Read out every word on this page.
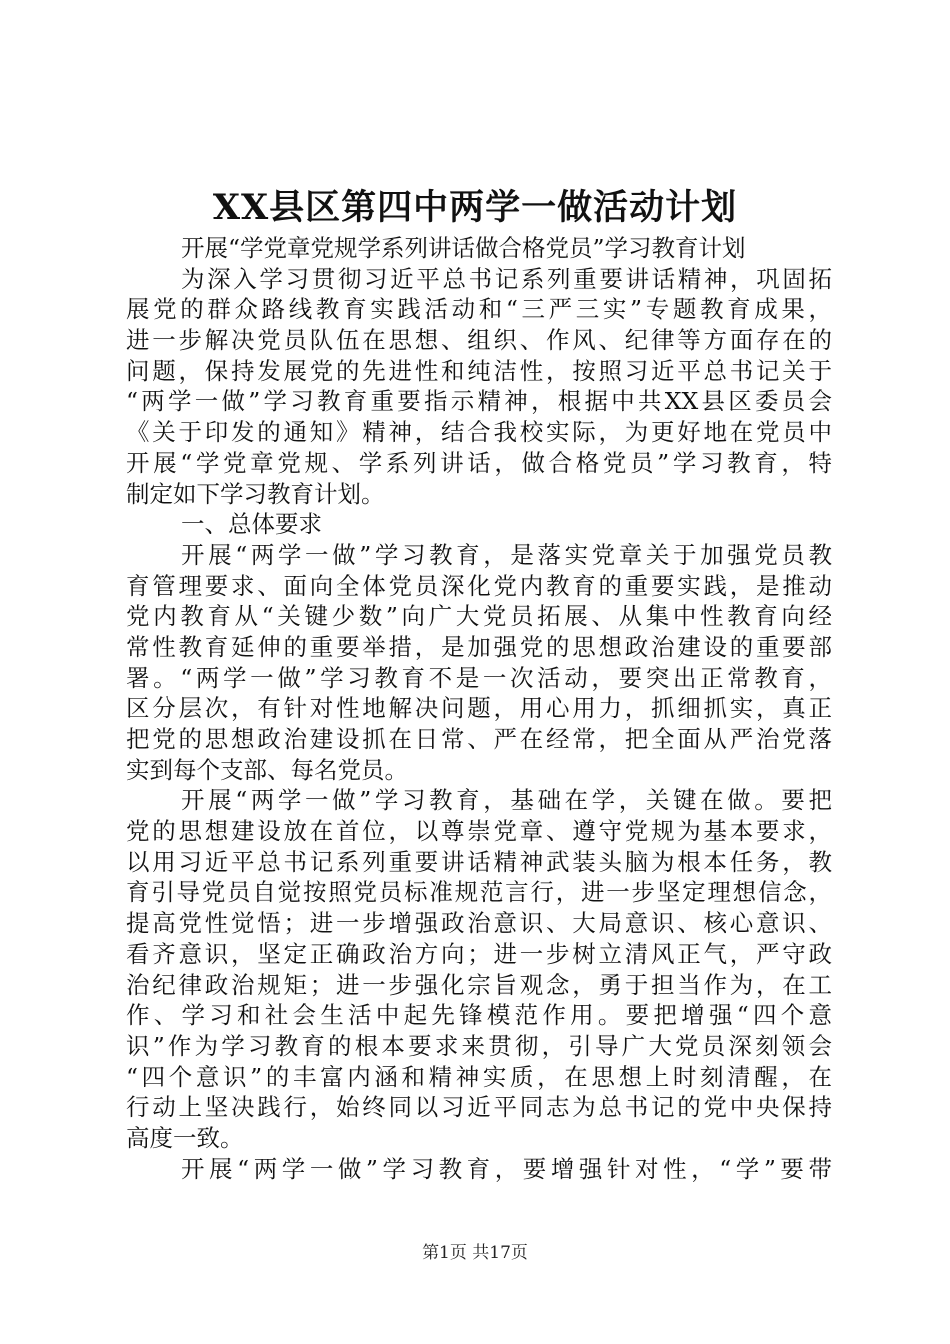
XX县区第四中两学一做活动计划
开展“学党章党规学系列讲话做合格党员”学习教育计划
为深入学习贯彻习近平总书记系列重要讲话精神，巩固拓
展党的群众路线教育实践活动和“三严三实”专题教育成果，
进一步解决党员队伍在思想、组织、作风、纪律等方面存在的
问题，保持发展党的先进性和纯洁性，按照习近平总书记关于
“两学一做”学习教育重要指示精神，根据中共XX县区委员会
《关于印发的通知》精神，结合我校实际，为更好地在党员中
开展“学党章党规、学系列讲话，做合格党员”学习教育，特
制定如下学习教育计划。
一、总体要求
开展“两学一做”学习教育，是落实党章关于加强党员教
育管理要求、面向全体党员深化党内教育的重要实践，是推动
党内教育从“关键少数”向广大党员拓展、从集中性教育向经
常性教育延伸的重要举措，是加强党的思想政治建设的重要部
署。“两学一做”学习教育不是一次活动，要突出正常教育，
区分层次，有针对性地解决问题，用心用力，抓细抓实，真正
把党的思想政治建设抓在日常、严在经常，把全面从严治党落
实到每个支部、每名党员。
开展“两学一做”学习教育，基础在学，关键在做。要把
党的思想建设放在首位，以尊崇党章、遵守党规为基本要求，
以用习近平总书记系列重要讲话精神武装头脑为根本任务，教
育引导党员自觉按照党员标准规范言行，进一步坚定理想信念，
提高党性觉悟；进一步增强政治意识、大局意识、核心意识、
看齐意识，坚定正确政治方向；进一步树立清风正气，严守政
治纪律政治规矩；进一步强化宗旨观念，勇于担当作为，在工
作、学习和社会生活中起先锋模范作用。要把增强“四个意
识”作为学习教育的根本要求来贯彻，引导广大党员深刻领会
“四个意识”的丰富内涵和精神实质，在思想上时刻清醒，在
行动上坚决践行，始终同以习近平同志为总书记的党中央保持
高度一致。
开展“两学一做”学习教育，要增强针对性，“学”要带
第1页 共17页
